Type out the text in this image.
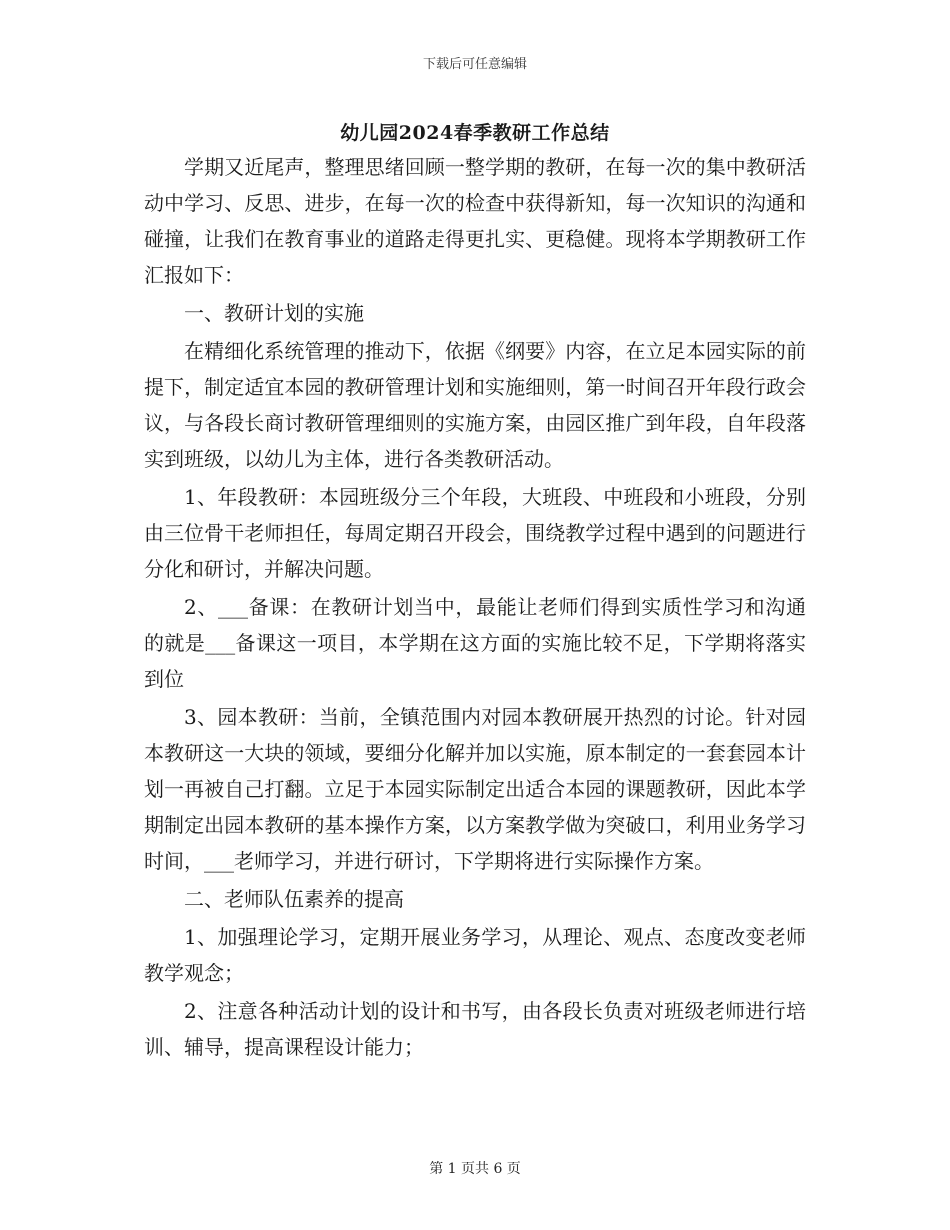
下载后可任意编辑
幼儿园2024春季教研工作总结

学期又近尾声，整理思绪回顾一整学期的教研，在每一次的集中教研活动中学习、反思、进步，在每一次的检查中获得新知，每一次知识的沟通和碰撞，让我们在教育事业的道路走得更扎实、更稳健。现将本学期教研工作汇报如下：

一、教研计划的实施

在精细化系统管理的推动下，依据《纲要》内容，在立足本园实际的前提下，制定适宜本园的教研管理计划和实施细则，第一时间召开年段行政会议，与各段长商讨教研管理细则的实施方案，由园区推广到年段，自年段落实到班级，以幼儿为主体，进行各类教研活动。

1、年段教研：本园班级分三个年段，大班段、中班段和小班段，分别由三位骨干老师担任，每周定期召开段会，围绕教学过程中遇到的问题进行分化和研讨，并解决问题。

2、___备课：在教研计划当中，最能让老师们得到实质性学习和沟通的就是___备课这一项目，本学期在这方面的实施比较不足，下学期将落实到位

3、园本教研：当前，全镇范围内对园本教研展开热烈的讨论。针对园本教研这一大块的领域，要细分化解并加以实施，原本制定的一套套园本计划一再被自己打翻。立足于本园实际制定出适合本园的课题教研，因此本学期制定出园本教研的基本操作方案，以方案教学做为突破口，利用业务学习时间，___老师学习，并进行研讨，下学期将进行实际操作方案。

二、老师队伍素养的提高

1、加强理论学习，定期开展业务学习，从理论、观点、态度改变老师教学观念；

2、注意各种活动计划的设计和书写，由各段长负责对班级老师进行培训、辅导，提高课程设计能力；

第 1 页共 6 页
